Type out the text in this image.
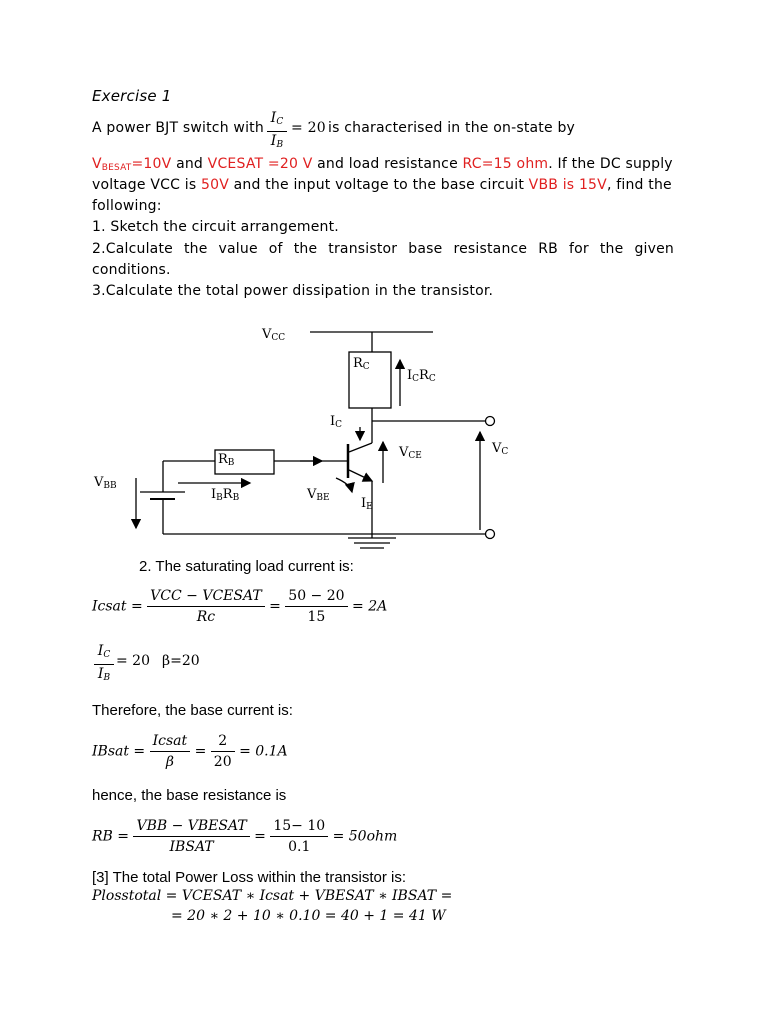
Exercise 1
A power BJT switch with
$I_C$
$I_B$
= 20 is characterised in the on-state by
$V_{BESAT}=10V$ and VCESAT =20 V and load resistance RC=15 ohm. If the DC supply
voltage VCC is 50V and the input voltage to the base circuit VBB is 15V, find the
following:
1. Sketch the circuit arrangement.
2.Calculate the value of the transistor base resistance RB for the given
conditions.
3.Calculate the total power dissipation in the transistor.
$V_{CC}$
$R_C$
$I_CR_C$
$I_C$
$V_{CE}$	$V_C$
$R_B$
$V_{BB}$
$I_BR_B$	$V_{BE}$ $I_E$
2. The saturating load current is:
Icsat = $\frac{\text{VCC − VCESAT}}{Rc} = \frac{50 - 20}{15} = 2A$
$I_C$
$I_B$
= 20 β=20
Therefore, the base current is:
IBsat = $\frac{\text{Icsat}}{\beta} = \frac{2}{20} = 0.1A$
hence, the base resistance is
RB = $\frac{\text{VBB − VBESAT}}{\text{IBSAT}} = \frac{15- 10}{0.1} = 50ohm$
[3] The total Power Loss within the transistor is:
Plosstotal = VCESAT ∗ Icsat + VBESAT ∗ IBSAT =
= 20 ∗ 2 + 10 ∗ 0.10 = 40 + 1 = 41 W
